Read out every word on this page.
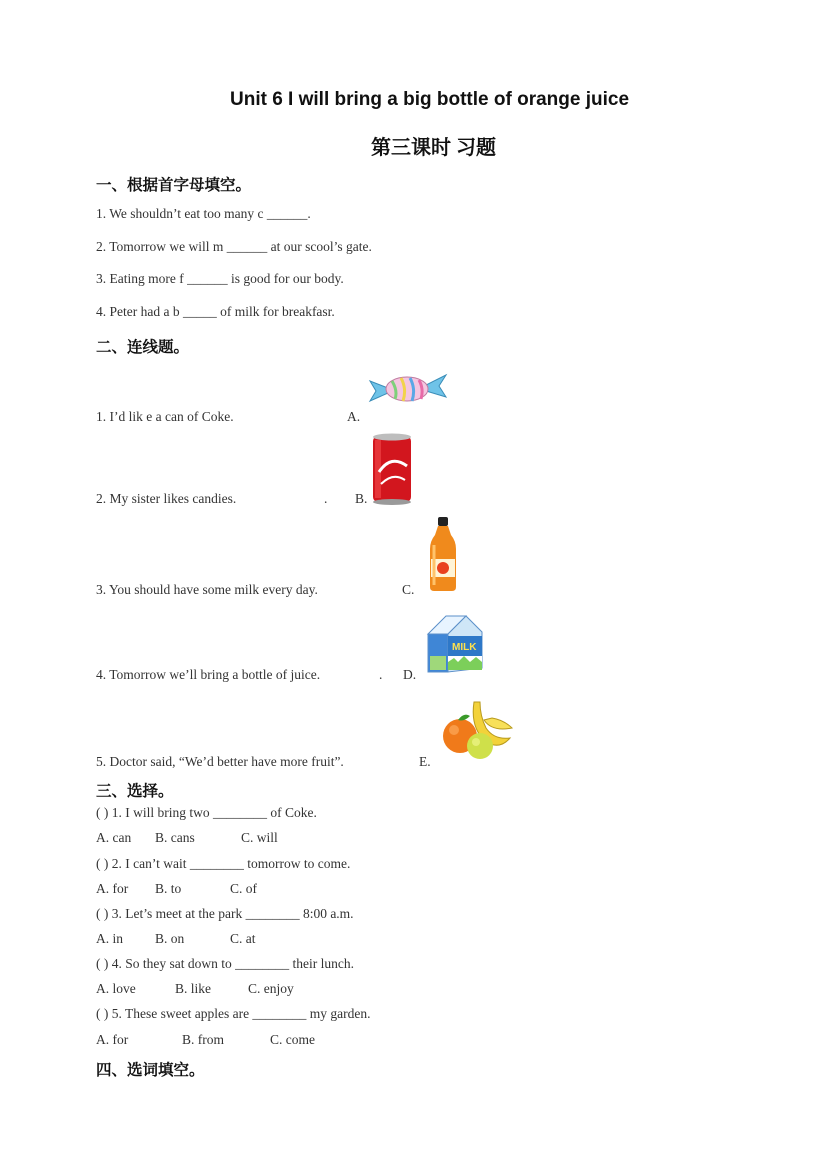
Unit 6 I will bring a big bottle of orange juice
第三课时 习题
一、根据首字母填空。
1. We shouldn’t eat too many c ______.
2. Tomorrow we will m ______ at our scool’s gate.
3. Eating more f ______ is good for our body.
4. Peter had a b _____ of milk for breakfasr.
二、连线题。
1. I’d lik e a can of Coke.	A.
2. My sister likes candies.	. B.
3. You should have some milk every day.	C.
4. Tomorrow we’ll bring a bottle of juice.	. D.
5. Doctor said, “We’d better have more fruit”.	E.
MILK
三、选择。
( ) 1. I will bring two ________ of Coke.
A. can B. cans	C. will
( ) 2. I can’t wait ________ tomorrow to come.
A. for B. to	C. of
( ) 3. Let’s meet at the park ________ 8:00 a.m.
A. in B. on	C. at
( ) 4. So they sat down to ________ their lunch.
A. love	B. like	C. enjoy
( ) 5. These sweet apples are ________ my garden.
A. for	B. from	C. come
四、选词填空。
